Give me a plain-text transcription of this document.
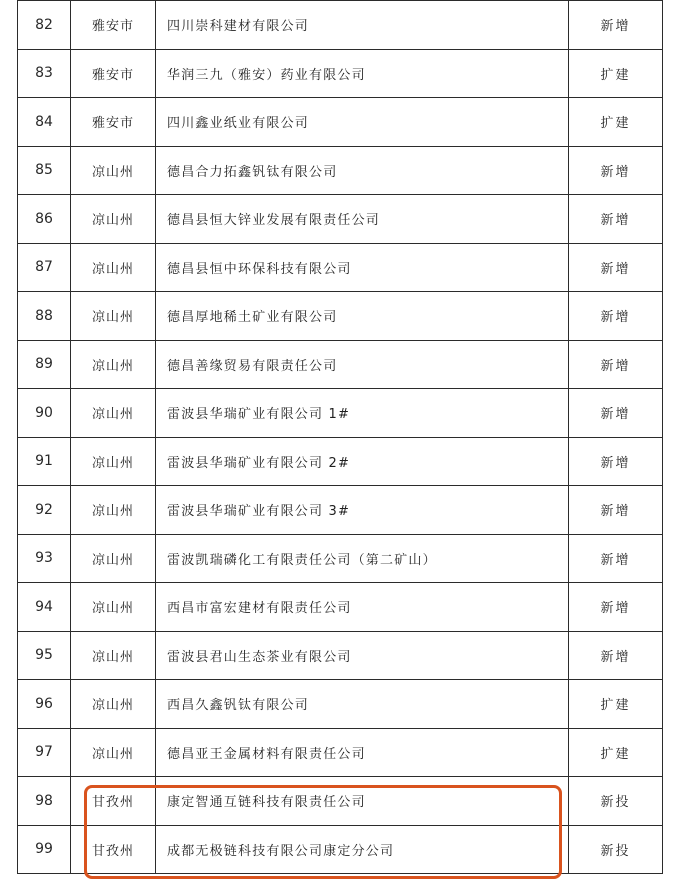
82	雅安市	四川崇科建材有限公司	新增
83	雅安市	华润三九（雅安）药业有限公司	扩建
84	雅安市	四川鑫业纸业有限公司	扩建
85	凉山州	德昌合力拓鑫钒钛有限公司	新增
86	凉山州	德昌县恒大锌业发展有限责任公司	新增
87	凉山州	德昌县恒中环保科技有限公司	新增
88	凉山州	德昌厚地稀土矿业有限公司	新增
89	凉山州	德昌善缘贸易有限责任公司	新增
90	凉山州	雷波县华瑞矿业有限公司 1#	新增
91	凉山州	雷波县华瑞矿业有限公司 2#	新增
92	凉山州	雷波县华瑞矿业有限公司 3#	新增
93	凉山州	雷波凯瑞磷化工有限责任公司（第二矿山）	新增
94	凉山州	西昌市富宏建材有限责任公司	新增
95	凉山州	雷波县君山生态茶业有限公司	新增
96	凉山州	西昌久鑫钒钛有限公司	扩建
97	凉山州	德昌亚王金属材料有限责任公司	扩建
98	甘孜州	康定智通互链科技有限责任公司	新投
99	甘孜州	成都无极链科技有限公司康定分公司	新投
